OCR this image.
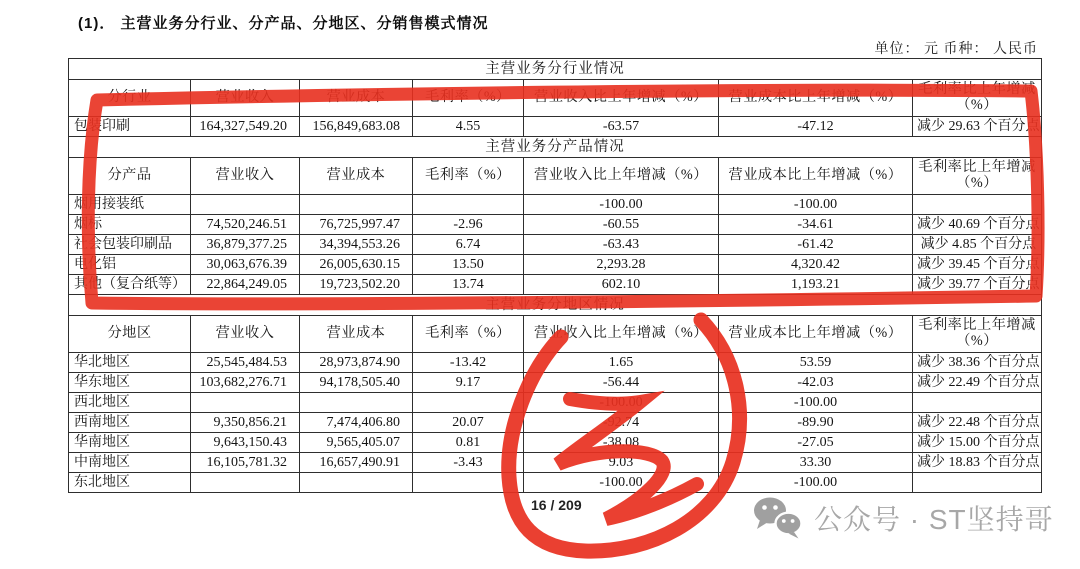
(1)． 主营业务分行业、分产品、分地区、分销售模式情况
单位： 元 币种： 人民币
主营业务分行业情况						
分行业	营业收入	营业成本	毛利率（%）	营业收入比上年增减（%）	营业成本比上年增减（%）	毛利率比上年增减（%）
包装印刷	164,327,549.20	156,849,683.08	4.55	-63.57	-47.12	减少 29.63 个百分点
主营业务分产品情况						
分产品	营业收入	营业成本	毛利率（%）	营业收入比上年增减（%）	营业成本比上年增减（%）	毛利率比上年增减（%）
烟用接装纸				-100.00	-100.00	
烟标	74,520,246.51	76,725,997.47	-2.96	-60.55	-34.61	减少 40.69 个百分点
社会包装印刷品	36,879,377.25	34,394,553.26	6.74	-63.43	-61.42	减少 4.85 个百分点
电化铝	30,063,676.39	26,005,630.15	13.50	2,293.28	4,320.42	减少 39.45 个百分点
其他（复合纸等）	22,864,249.05	19,723,502.20	13.74	602.10	1,193.21	减少 39.77 个百分点
主营业务分地区情况						
分地区	营业收入	营业成本	毛利率（%）	营业收入比上年增减（%）	营业成本比上年增减（%）	毛利率比上年增减（%）
华北地区	25,545,484.53	28,973,874.90	-13.42	1.65	53.59	减少 38.36 个百分点
华东地区	103,682,276.71	94,178,505.40	9.17	-56.44	-42.03	减少 22.49 个百分点
西北地区				-100.00	-100.00	
西南地区	9,350,856.21	7,474,406.80	20.07	-92.74	-89.90	减少 22.48 个百分点
华南地区	9,643,150.43	9,565,405.07	0.81	-38.08	-27.05	减少 15.00 个百分点
中南地区	16,105,781.32	16,657,490.91	-3.43	9.03	33.30	减少 18.83 个百分点
东北地区				-100.00	-100.00	
16 / 209	公众号 · ST坚持哥
